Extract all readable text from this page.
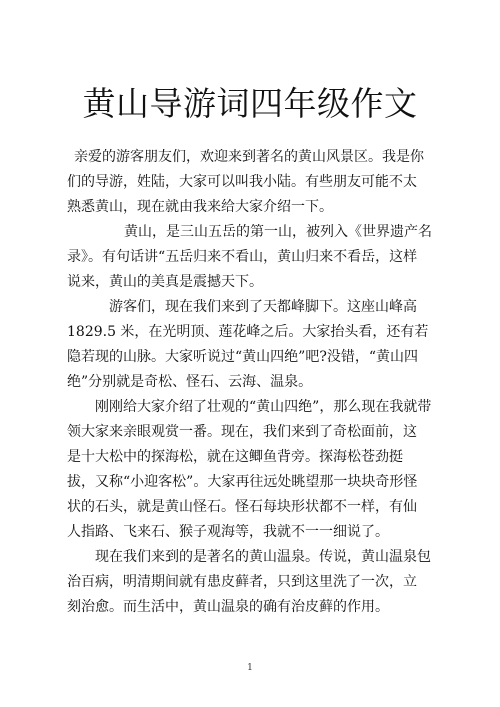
黄山导游词四年级作文
亲爱的游客朋友们，欢迎来到著名的黄山风景区。我是你
们的导游，姓陆，大家可以叫我小陆。有些朋友可能不太
熟悉黄山，现在就由我来给大家介绍一下。
黄山，是三山五岳的第一山，被列入《世界遗产名
录》。有句话讲“五岳归来不看山，黄山归来不看岳，这样
说来，黄山的美真是震撼天下。
游客们，现在我们来到了天都峰脚下。这座山峰高
1829.5 米，在光明顶、莲花峰之后。大家抬头看，还有若
隐若现的山脉。大家听说过“黄山四绝”吧?没错，“黄山四
绝”分别就是奇松、怪石、云海、温泉。
刚刚给大家介绍了壮观的“黄山四绝”，那么现在我就带
领大家来亲眼观赏一番。现在，我们来到了奇松面前，这
是十大松中的探海松，就在这鲫鱼背旁。探海松苍劲挺
拔，又称“小迎客松”。大家再往远处眺望那一块块奇形怪
状的石头，就是黄山怪石。怪石每块形状都不一样，有仙
人指路、飞来石、猴子观海等，我就不一一细说了。
现在我们来到的是著名的黄山温泉。传说，黄山温泉包
治百病，明清期间就有患皮藓者，只到这里洗了一次，立
刻治愈。而生活中，黄山温泉的确有治皮藓的作用。
1
